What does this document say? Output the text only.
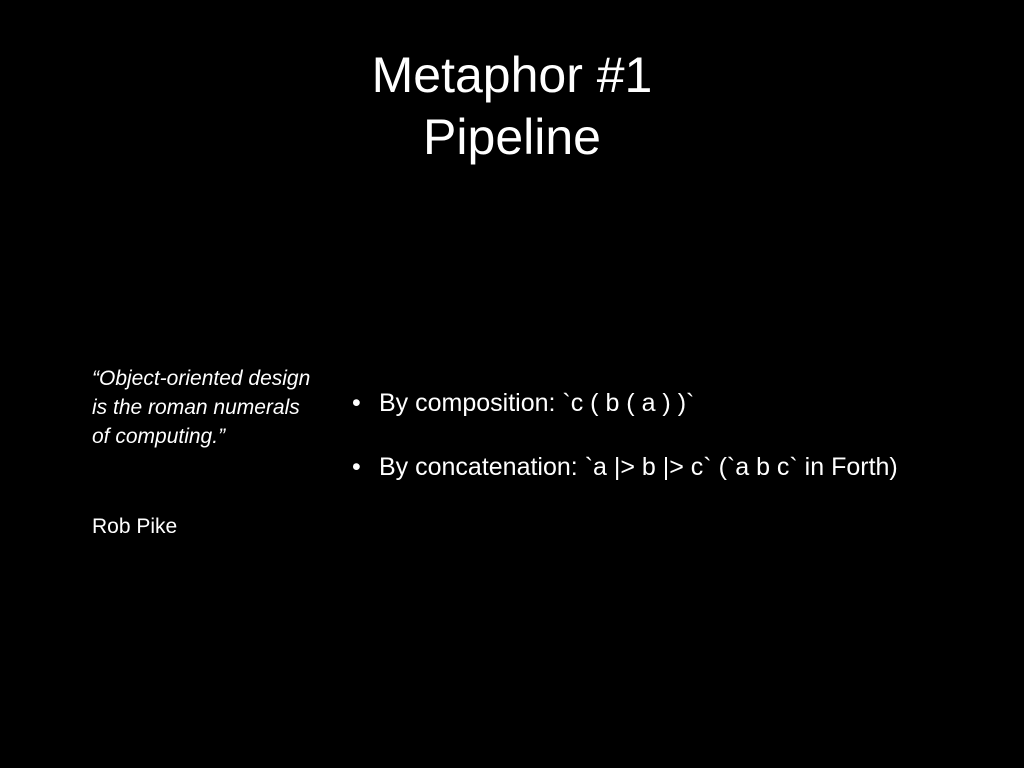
Metaphor #1
Pipeline

“Object-oriented design is the roman numerals of computing.”

Rob Pike

• By composition: `c ( b ( a ) )`
• By concatenation: `a |> b |> c` (`a b c` in Forth)
